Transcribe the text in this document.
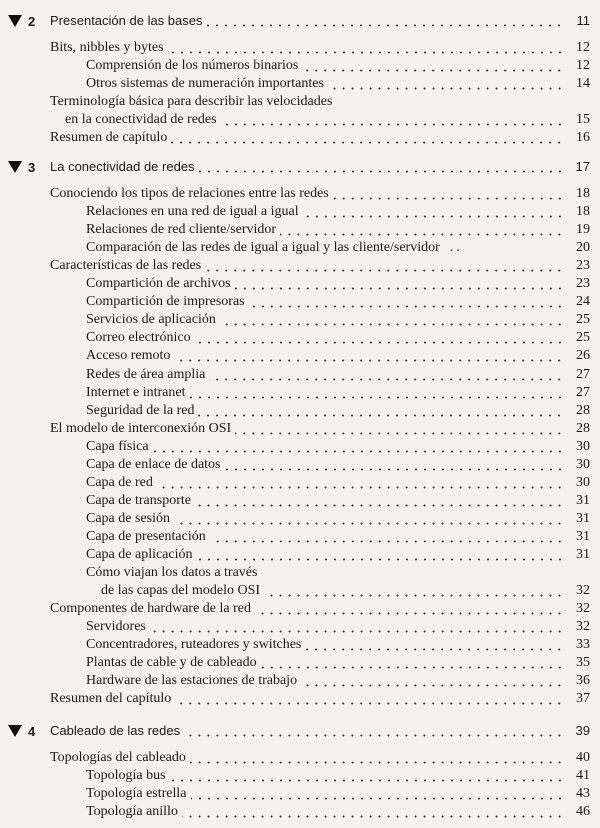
2 Presentación de las bases	11
Bits, nibbles y bytes	12
Comprensión de los números binarios	12
Otros sistemas de numeración importantes	14
Terminología básica para describir las velocidades
en la conectividad de redes	15
Resumen de capítulo	16
3 La conectividad de redes	17
Conociendo los tipos de relaciones entre las redes	18
Relaciones en una red de igual a igual	18
Relaciones de red cliente/servidor	19
Comparación de las redes de igual a igual y las cliente/servidor ..	20
Características de las redes	23
Compartición de archivos	23
Compartición de impresoras	24
Servicios de aplicación	25
Correo electrónico	25
Acceso remoto	26
Redes de área amplia	27
Internet e intranet	27
Seguridad de la red	28
El modelo de interconexión OSI	28
Capa física	30
Capa de enlace de datos	30
Capa de red	30
Capa de transporte	31
Capa de sesión	31
Capa de presentación	31
Capa de aplicación	31
Cómo viajan los datos a través
de las capas del modelo OSI	32
Componentes de hardware de la red	32
Servidores	32
Concentradores, ruteadores y switches	33
Plantas de cable y de cableado	35
Hardware de las estaciones de trabajo	36
Resumen del capítulo	37
4 Cableado de las redes	39
Topologías del cableado	40
Topología bus	41
Topología estrella	43
Topología anillo	46
